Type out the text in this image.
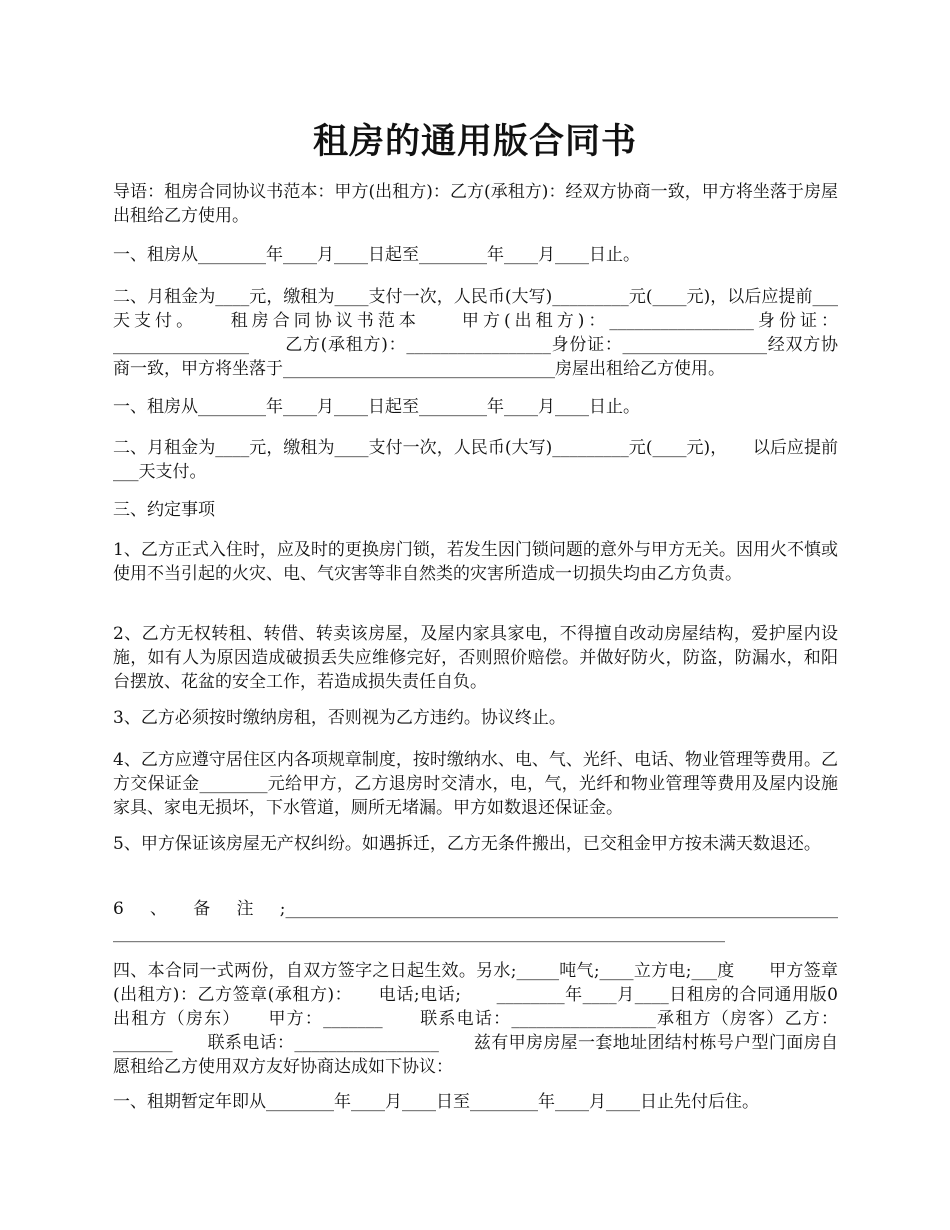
租房的通用版合同书
导语：租房合同协议书范本：甲方(出租方)：乙方(承租方)：经双方协商一致，甲方将坐落于房屋出租给乙方使用。
一、租房从________年____月____日起至________年____月____日止。
二、月租金为____元，缴租为____支付一次，人民币(大写)_________元(____元)，以后应提前___天支付。　　租房合同协议书范本　　甲方(出租方)：_________________身份证：________________　　乙方(承租方)：_________________身份证：_________________经双方协商一致，甲方将坐落于________________________________房屋出租给乙方使用。
一、租房从________年____月____日起至________年____月____日止。
二、月租金为____元，缴租为____支付一次，人民币(大写)_________元(____元)，　　以后应提前___天支付。
三、约定事项
1、乙方正式入住时，应及时的更换房门锁，若发生因门锁问题的意外与甲方无关。因用火不慎或使用不当引起的火灾、电、气灾害等非自然类的灾害所造成一切损失均由乙方负责。
2、乙方无权转租、转借、转卖该房屋，及屋内家具家电，不得擅自改动房屋结构，爱护屋内设施，如有人为原因造成破损丢失应维修完好，否则照价赔偿。并做好防火，防盗，防漏水，和阳台摆放、花盆的安全工作，若造成损失责任自负。
3、乙方必须按时缴纳房租，否则视为乙方违约。协议终止。
4、乙方应遵守居住区内各项规章制度，按时缴纳水、电、气、光纤、电话、物业管理等费用。乙方交保证金________元给甲方，乙方退房时交清水，电，气，光纤和物业管理等费用及屋内设施家具、家电无损坏，下水管道，厕所无堵漏。甲方如数退还保证金。
5、甲方保证该房屋无产权纠纷。如遇拆迁，乙方无条件搬出，已交租金甲方按未满天数退还。
6、备注;_________________________________________________________________　　________________________________________________________________________
四、本合同一式两份，自双方签字之日起生效。另水;_____吨气;____立方电;___度　　甲方签章(出租方)：乙方签章(承租方)：　　电话;电话;　　________年____月____日租房的合同通用版0　　出租方（房东）　　甲方：_______　　联系电话：_________________承租方（房客）乙方：_______　　联系电话：_________________　　兹有甲房房屋一套地址团结村栋号户型门面房自愿租给乙方使用双方友好协商达成如下协议：
一、租期暂定年即从________年____月____日至________年____月____日止先付后住。
